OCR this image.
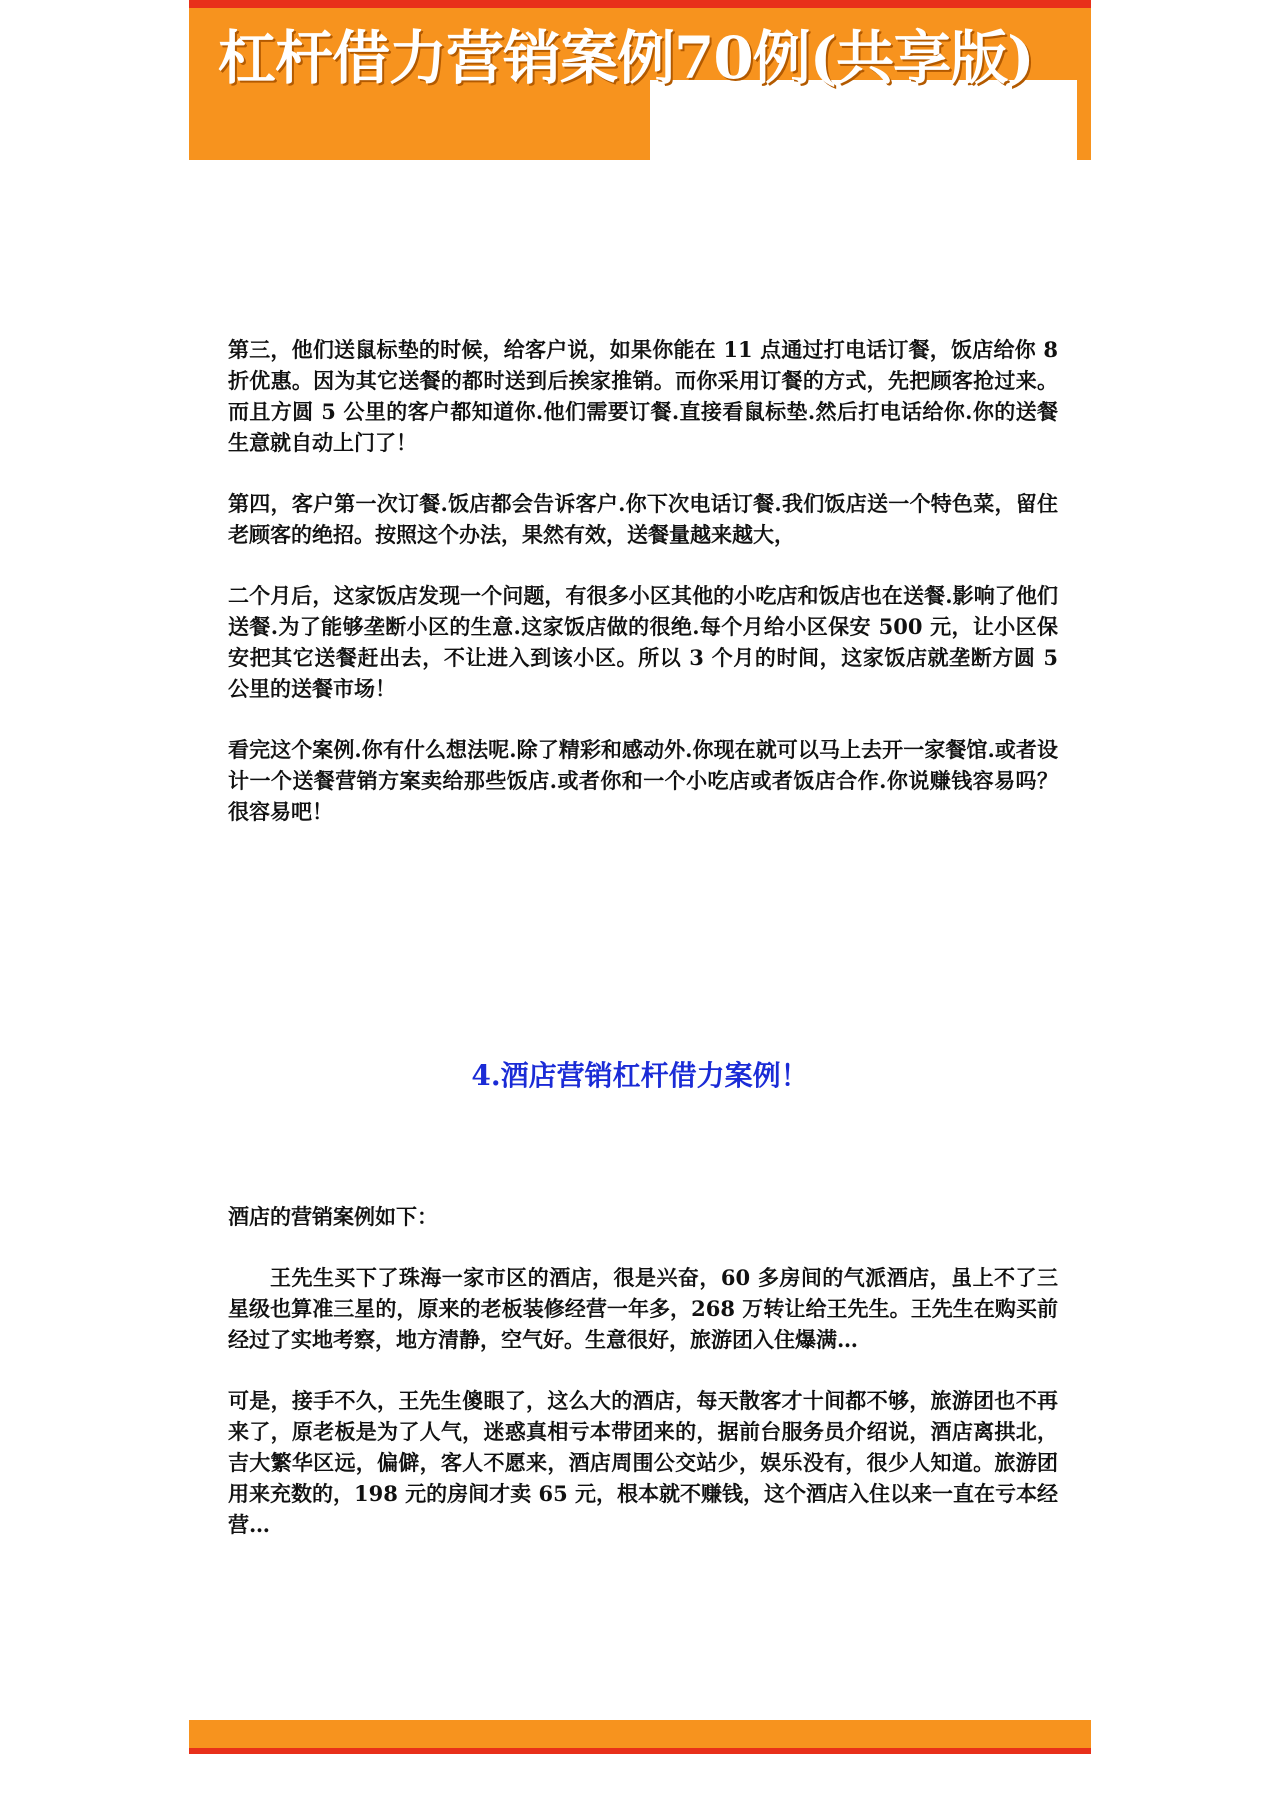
杠杆借力营销案例70例(共享版)

第三，他们送鼠标垫的时候，给客户说，如果你能在 11 点通过打电话订餐，饭店给你 8 折优惠。因为其它送餐的都时送到后挨家推销。而你采用订餐的方式，先把顾客抢过来。而且方圆 5 公里的客户都知道你.他们需要订餐.直接看鼠标垫.然后打电话给你.你的送餐生意就自动上门了！

第四，客户第一次订餐.饭店都会告诉客户.你下次电话订餐.我们饭店送一个特色菜，留住老顾客的绝招。按照这个办法，果然有效，送餐量越来越大，

二个月后，这家饭店发现一个问题，有很多小区其他的小吃店和饭店也在送餐.影响了他们送餐.为了能够垄断小区的生意.这家饭店做的很绝.每个月给小区保安 500 元，让小区保安把其它送餐赶出去，不让进入到该小区。所以 3 个月的时间，这家饭店就垄断方圆 5 公里的送餐市场！

看完这个案例.你有什么想法呢.除了精彩和感动外.你现在就可以马上去开一家餐馆.或者设计一个送餐营销方案卖给那些饭店.或者你和一个小吃店或者饭店合作.你说赚钱容易吗？很容易吧！

4.酒店营销杠杆借力案例！

酒店的营销案例如下：

王先生买下了珠海一家市区的酒店，很是兴奋，60 多房间的气派酒店，虽上不了三星级也算准三星的，原来的老板装修经营一年多，268 万转让给王先生。王先生在购买前经过了实地考察，地方清静，空气好。生意很好，旅游团入住爆满…

可是，接手不久，王先生傻眼了，这么大的酒店，每天散客才十间都不够，旅游团也不再来了，原老板是为了人气，迷惑真相亏本带团来的，据前台服务员介绍说，酒店离拱北，吉大繁华区远，偏僻，客人不愿来，酒店周围公交站少，娱乐没有，很少人知道。旅游团用来充数的，198 元的房间才卖 65 元，根本就不赚钱，这个酒店入住以来一直在亏本经营…
